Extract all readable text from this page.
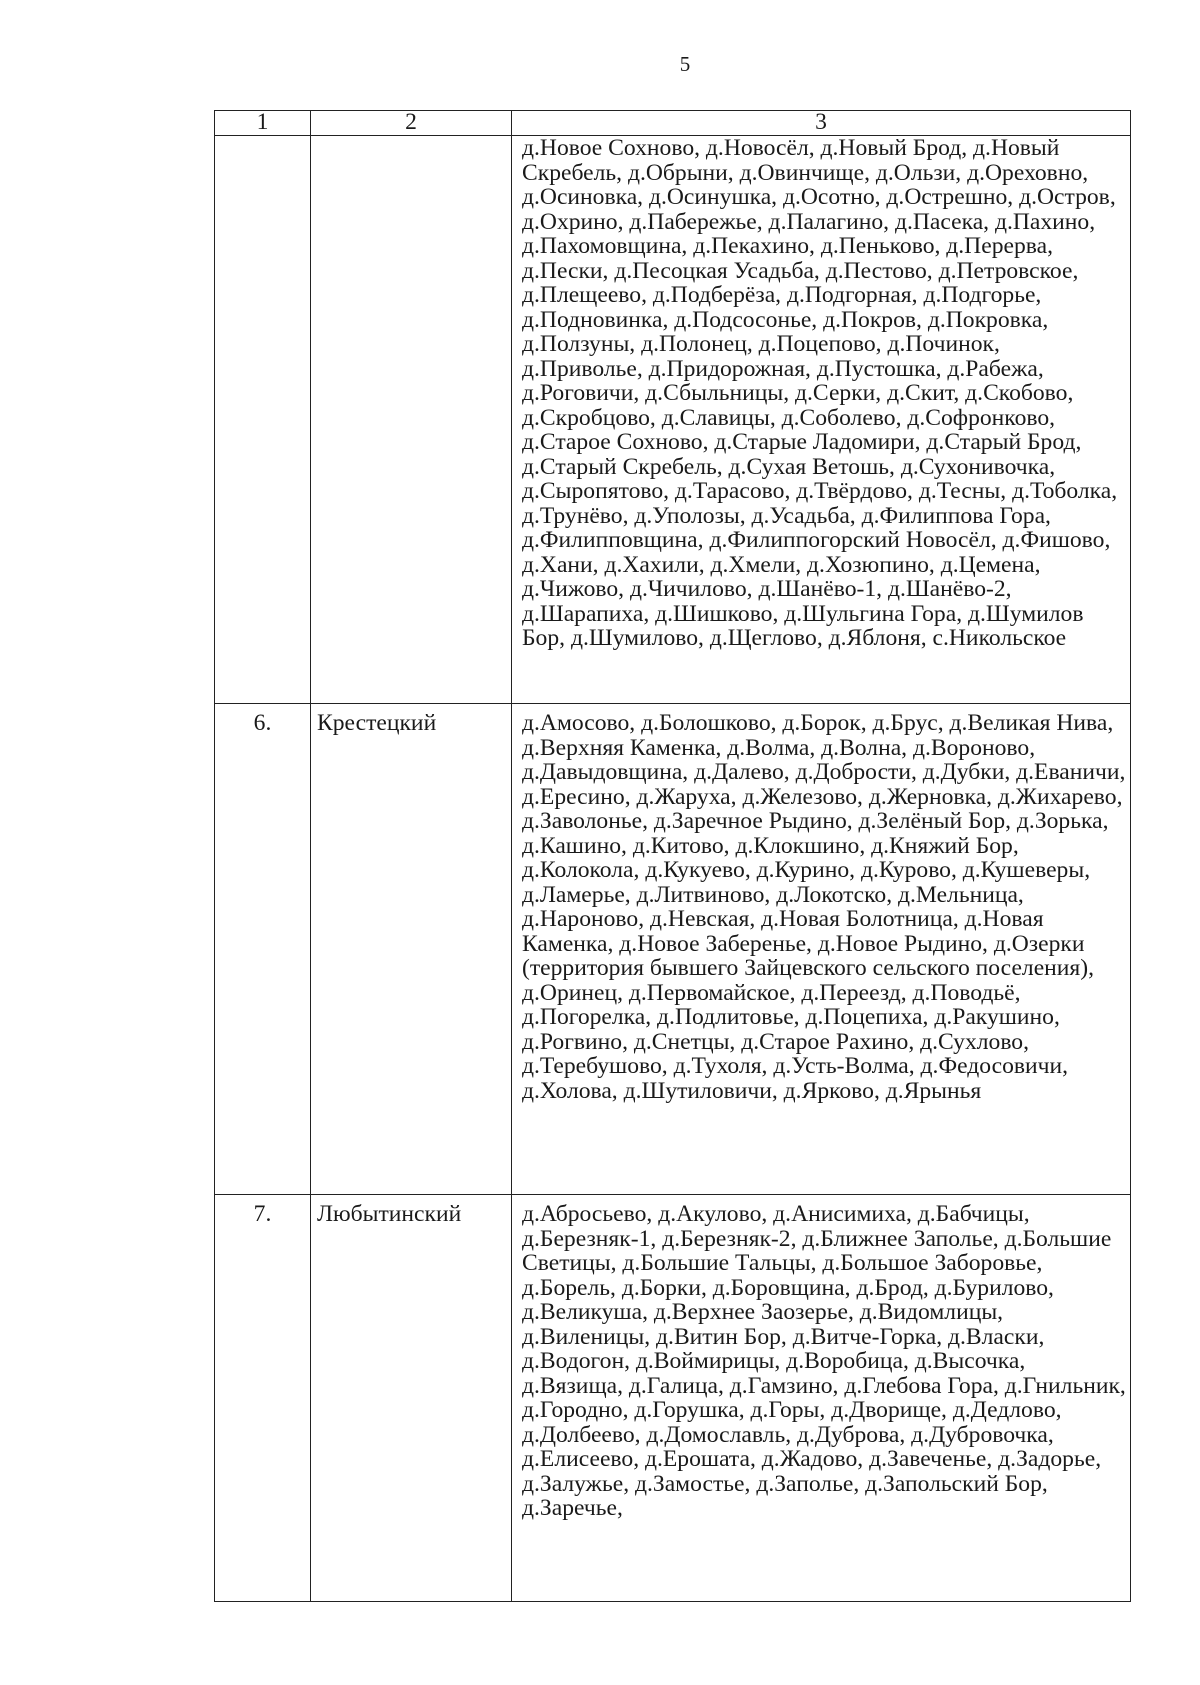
5
1	2	3
		д.Новое Сохново, д.Новосёл, д.Новый Брод, д.Новый Скребель, д.Обрыни, д.Овинчище, д.Ользи, д.Ореховно, д.Осиновка, д.Осинушка, д.Осотно, д.Острешно, д.Остров, д.Охрино, д.Пабережье, д.Палагино, д.Пасека, д.Пахино, д.Пахомовщина, д.Пекахино, д.Пеньково, д.Перерва, д.Пески, д.Песоцкая Усадьба, д.Пестово, д.Петровское, д.Плещеево, д.Подберёза, д.Подгорная, д.Подгорье, д.Подновинка, д.Подсосонье, д.Покров, д.Покровка, д.Ползуны, д.Полонец, д.Поцепово, д.Починок, д.Приволье, д.Придорожная, д.Пустошка, д.Рабежа, д.Роговичи, д.Сбыльницы, д.Серки, д.Скит, д.Скобово, д.Скробцово, д.Славицы, д.Соболево, д.Софронково, д.Старое Сохново, д.Старые Ладомири, д.Старый Брод, д.Старый Скребель, д.Сухая Ветошь, д.Сухонивочка, д.Сыропятово, д.Тарасово, д.Твёрдово, д.Тесны, д.Тоболка, д.Трунёво, д.Уполозы, д.Усадьба, д.Филиппова Гора, д.Филипповщина, д.Филиппогорский Новосёл, д.Фишово, д.Хани, д.Хахили, д.Хмели, д.Хозюпино, д.Цемена, д.Чижово, д.Чичилово, д.Шанёво-1, д.Шанёво-2, д.Шарапиха, д.Шишково, д.Шульгина Гора, д.Шумилов Бор, д.Шумилово, д.Щеглово, д.Яблоня, с.Никольское
6.	Крестецкий	д.Амосово, д.Болошково, д.Борок, д.Брус, д.Великая Нива, д.Верхняя Каменка, д.Волма, д.Волна, д.Вороново, д.Давыдовщина, д.Далево, д.Добрости, д.Дубки, д.Еваничи, д.Ересино, д.Жаруха, д.Железово, д.Жерновка, д.Жихарево, д.Заволонье, д.Заречное Рыдино, д.Зелёный Бор, д.Зорька, д.Кашино, д.Китово, д.Клокшино, д.Княжий Бор, д.Колокола, д.Кукуево, д.Курино, д.Курово, д.Кушеверы, д.Ламерье, д.Литвиново, д.Локотско, д.Мельница, д.Нароново, д.Невская, д.Новая Болотница, д.Новая Каменка, д.Новое Заберенье, д.Новое Рыдино, д.Озерки (территория бывшего Зайцевского сельского поселения), д.Оринец, д.Первомайское, д.Переезд, д.Поводьё, д.Погорелка, д.Подлитовье, д.Поцепиха, д.Ракушино, д.Рогвино, д.Снетцы, д.Старое Рахино, д.Сухлово, д.Теребушово, д.Тухоля, д.Усть-Волма, д.Федосовичи, д.Холова, д.Шутиловичи, д.Ярково, д.Ярынья
7.	Любытинский	д.Абросьево, д.Акулово, д.Анисимиха, д.Бабчицы, д.Березняк-1, д.Березняк-2, д.Ближнее Заполье, д.Большие Светицы, д.Большие Тальцы, д.Большое Заборовье, д.Борель, д.Борки, д.Боровщина, д.Брод, д.Бурилово, д.Великуша, д.Верхнее Заозерье, д.Видомлицы, д.Виленицы, д.Витин Бор, д.Витче-Горка, д.Власки, д.Водогон, д.Воймирицы, д.Воробица, д.Высочка, д.Вязища, д.Галица, д.Гамзино, д.Глебова Гора, д.Гнильник, д.Городно, д.Горушка, д.Горы, д.Дворище, д.Дедлово, д.Долбеево, д.Домославль, д.Дуброва, д.Дубровочка, д.Елисеево, д.Ерошата, д.Жадово, д.Завеченье, д.Задорье, д.Залужье, д.Замостье, д.Заполье, д.Запольский Бор, д.Заречье,
